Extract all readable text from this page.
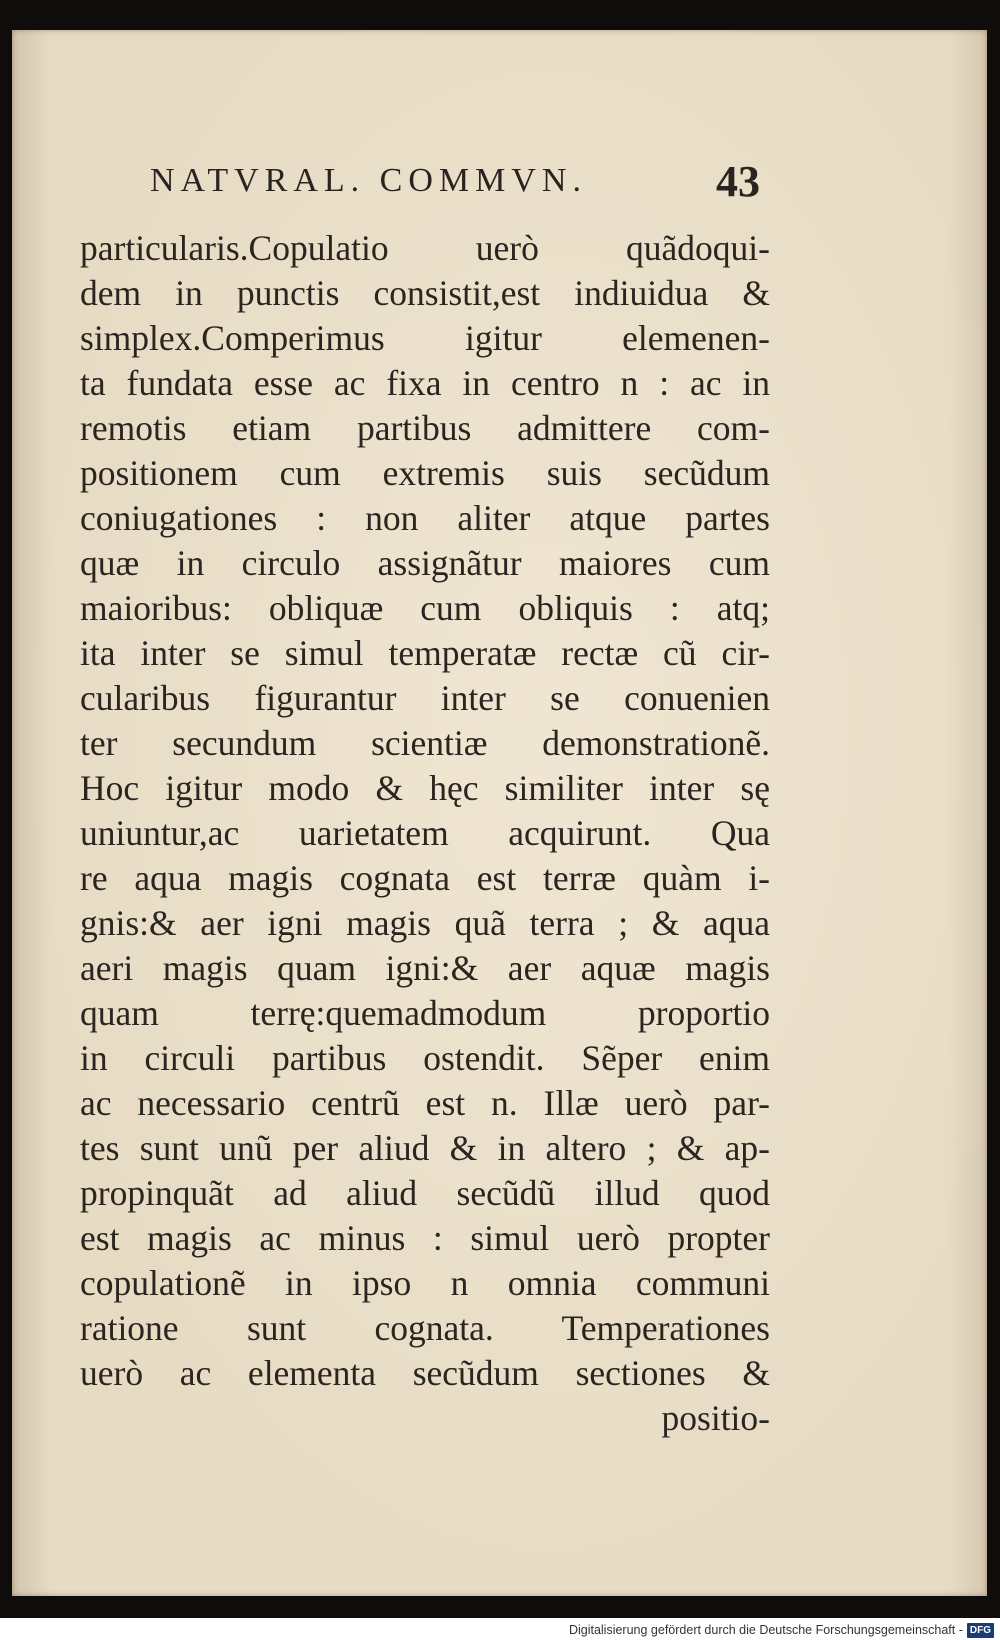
NATVRAL. COMMVN.	43
particularis.Copulatio uerò quãdoqui-
dem in punctis consistit,est indiuidua &
simplex.Comperimus igitur elemenen-
ta fundata esse ac fixa in centro n : ac in
remotis etiam partibus admittere com-
positionem cum extremis suis secũdum
coniugationes : non aliter atque partes
quæ in circulo assignãtur maiores cum
maioribus: obliquæ cum obliquis : atq;
ita inter se simul temperatæ rectæ cũ cir-
cularibus figurantur inter se conuenien
ter secundum scientiæ demonstrationẽ.
Hoc igitur modo & hęc similiter inter sę
uniuntur,ac uarietatem acquirunt. Qua
re aqua magis cognata est terræ quàm i-
gnis:& aer igni magis quã terra ; & aqua
aeri magis quam igni:& aer aquæ magis
quam terrę:quemadmodum proportio
in circuli partibus ostendit. Sẽper enim
ac necessario centrũ est n. Illæ uerò par-
tes sunt unũ per aliud & in altero ; & ap-
propinquãt ad aliud secũdũ illud quod
est magis ac minus : simul uerò propter
copulationẽ in ipso n omnia communi
ratione sunt cognata. Temperationes
uerò ac elementa secũdum sectiones &
positio-
Digitalisierung gefördert durch die Deutsche Forschungsgemeinschaft - DFG
